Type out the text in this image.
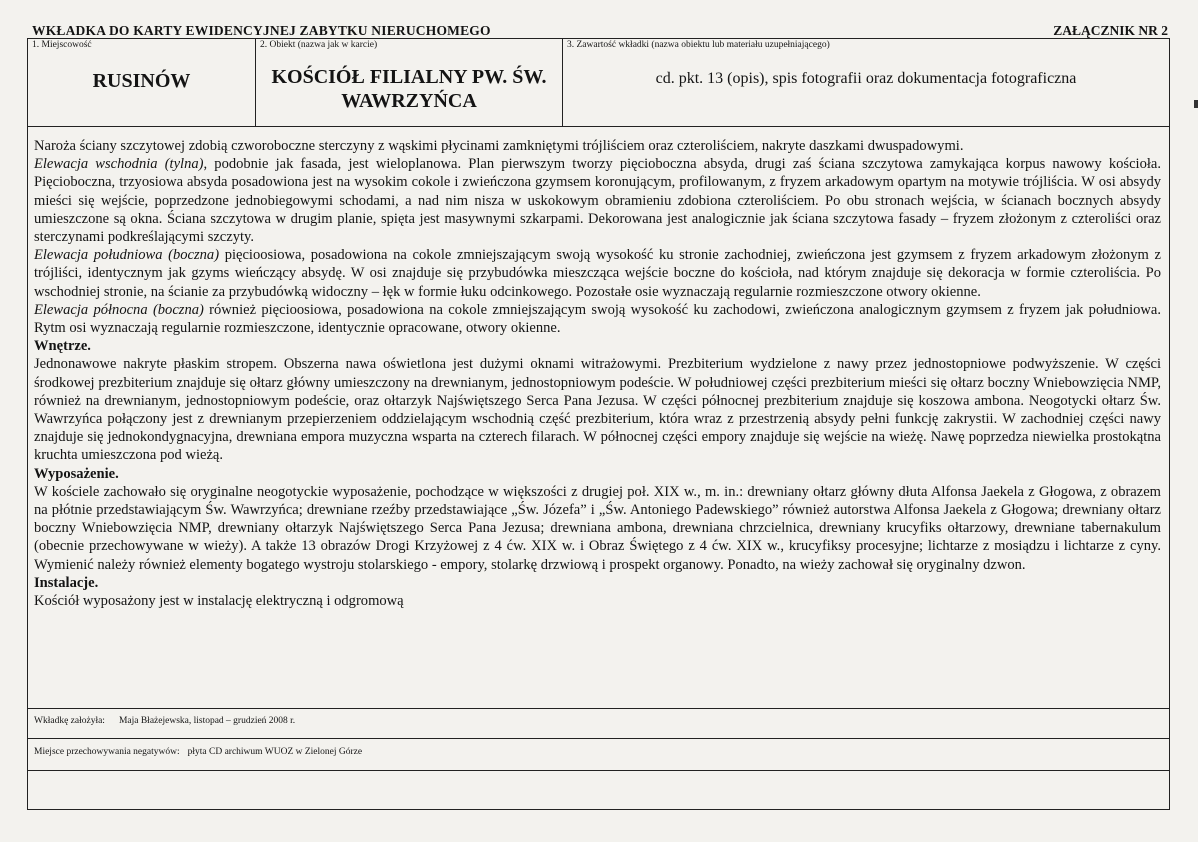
WKŁADKA DO KARTY EWIDENCYJNEJ ZABYTKU NIERUCHOMEGO	ZAŁĄCZNIK NR 2
1. Miejscowość
RUSINÓW
2. Obiekt (nazwa jak w karcie)
KOŚCIÓŁ FILIALNY PW. ŚW. WAWRZYŃCA
3. Zawartość wkładki (nazwa obiektu lub materiału uzupełniającego)
cd. pkt. 13 (opis), spis fotografii oraz dokumentacja fotograficzna

Naroża ściany szczytowej zdobią czworoboczne sterczyny z wąskimi płycinami zamkniętymi trójliściem oraz czteroliściem, nakryte daszkami dwuspadowymi.

Elewacja wschodnia (tylna), podobnie jak fasada, jest wieloplanowa. Plan pierwszym tworzy pięcioboczna absyda, drugi zaś ściana szczytowa zamykająca korpus nawowy kościoła. Pięcioboczna, trzyosiowa absyda posadowiona jest na wysokim cokole i zwieńczona gzymsem koronującym, profilowanym, z fryzem arkadowym opartym na motywie trójliścia. W osi absydy mieści się wejście, poprzedzone jednobiegowymi schodami, a nad nim nisza w uskokowym obramieniu zdobiona czteroliściem. Po obu stronach wejścia, w ścianach bocznych absydy umieszczone są okna. Ściana szczytowa w drugim planie, spięta jest masywnymi szkarpami. Dekorowana jest analogicznie jak ściana szczytowa fasady – fryzem złożonym z czteroliści oraz sterczynami podkreślającymi szczyty.

Elewacja południowa (boczna) pięcioosiowa, posadowiona na cokole zmniejszającym swoją wysokość ku stronie zachodniej, zwieńczona jest gzymsem z fryzem arkadowym złożonym z trójliści, identycznym jak gzyms wieńczący absydę. W osi znajduje się przybudówka mieszcząca wejście boczne do kościoła, nad którym znajduje się dekoracja w formie czteroliścia. Po wschodniej stronie, na ścianie za przybudówką widoczny – łęk w formie łuku odcinkowego. Pozostałe osie wyznaczają regularnie rozmieszczone otwory okienne.

Elewacja północna (boczna) również pięcioosiowa, posadowiona na cokole zmniejszającym swoją wysokość ku zachodowi, zwieńczona analogicznym gzymsem z fryzem jak południowa. Rytm osi wyznaczają regularnie rozmieszczone, identycznie opracowane, otwory okienne.

Wnętrze.

Jednonawowe nakryte płaskim stropem. Obszerna nawa oświetlona jest dużymi oknami witrażowymi. Prezbiterium wydzielone z nawy przez jednostopniowe podwyższenie. W części środkowej prezbiterium znajduje się ołtarz główny umieszczony na drewnianym, jednostopniowym podeście. W południowej części prezbiterium mieści się ołtarz boczny Wniebowzięcia NMP, również na drewnianym, jednostopniowym podeście, oraz ołtarzyk Najświętszego Serca Pana Jezusa. W części północnej prezbiterium znajduje się koszowa ambona. Neogotycki ołtarz Św. Wawrzyńca połączony jest z drewnianym przepierzeniem oddzielającym wschodnią część prezbiterium, która wraz z przestrzenią absydy pełni funkcję zakrystii. W zachodniej części nawy znajduje się jednokondygnacyjna, drewniana empora muzyczna wsparta na czterech filarach. W północnej części empory znajduje się wejście na wieżę. Nawę poprzedza niewielka prostokątna kruchta umieszczona pod wieżą.

Wyposażenie.

W kościele zachowało się oryginalne neogotyckie wyposażenie, pochodzące w większości z drugiej poł. XIX w., m. in.: drewniany ołtarz główny dłuta Alfonsa Jaekela z Głogowa, z obrazem na płótnie przedstawiającym Św. Wawrzyńca; drewniane rzeźby przedstawiające „Św. Józefa” i „Św. Antoniego Padewskiego” również autorstwa Alfonsa Jaekela z Głogowa; drewniany ołtarz boczny Wniebowzięcia NMP, drewniany ołtarzyk Najświętszego Serca Pana Jezusa; drewniana ambona, drewniana chrzcielnica, drewniany krucyfiks ołtarzowy, drewniane tabernakulum (obecnie przechowywane w wieży). A także 13 obrazów Drogi Krzyżowej z 4 ćw. XIX w. i Obraz Świętego z 4 ćw. XIX w., krucyfiksy procesyjne; lichtarze z mosiądzu i lichtarze z cyny. Wymienić należy również elementy bogatego wystroju stolarskiego - empory, stolarkę drzwiową i prospekt organowy. Ponadto, na wieży zachował się oryginalny dzwon.

Instalacje.

Kościół wyposażony jest w instalację elektryczną i odgromową

Wkładkę założyła: Maja Błażejewska, listopad – grudzień 2008 r.
Miejsce przechowywania negatywów: płyta CD archiwum WUOZ w Zielonej Górze
